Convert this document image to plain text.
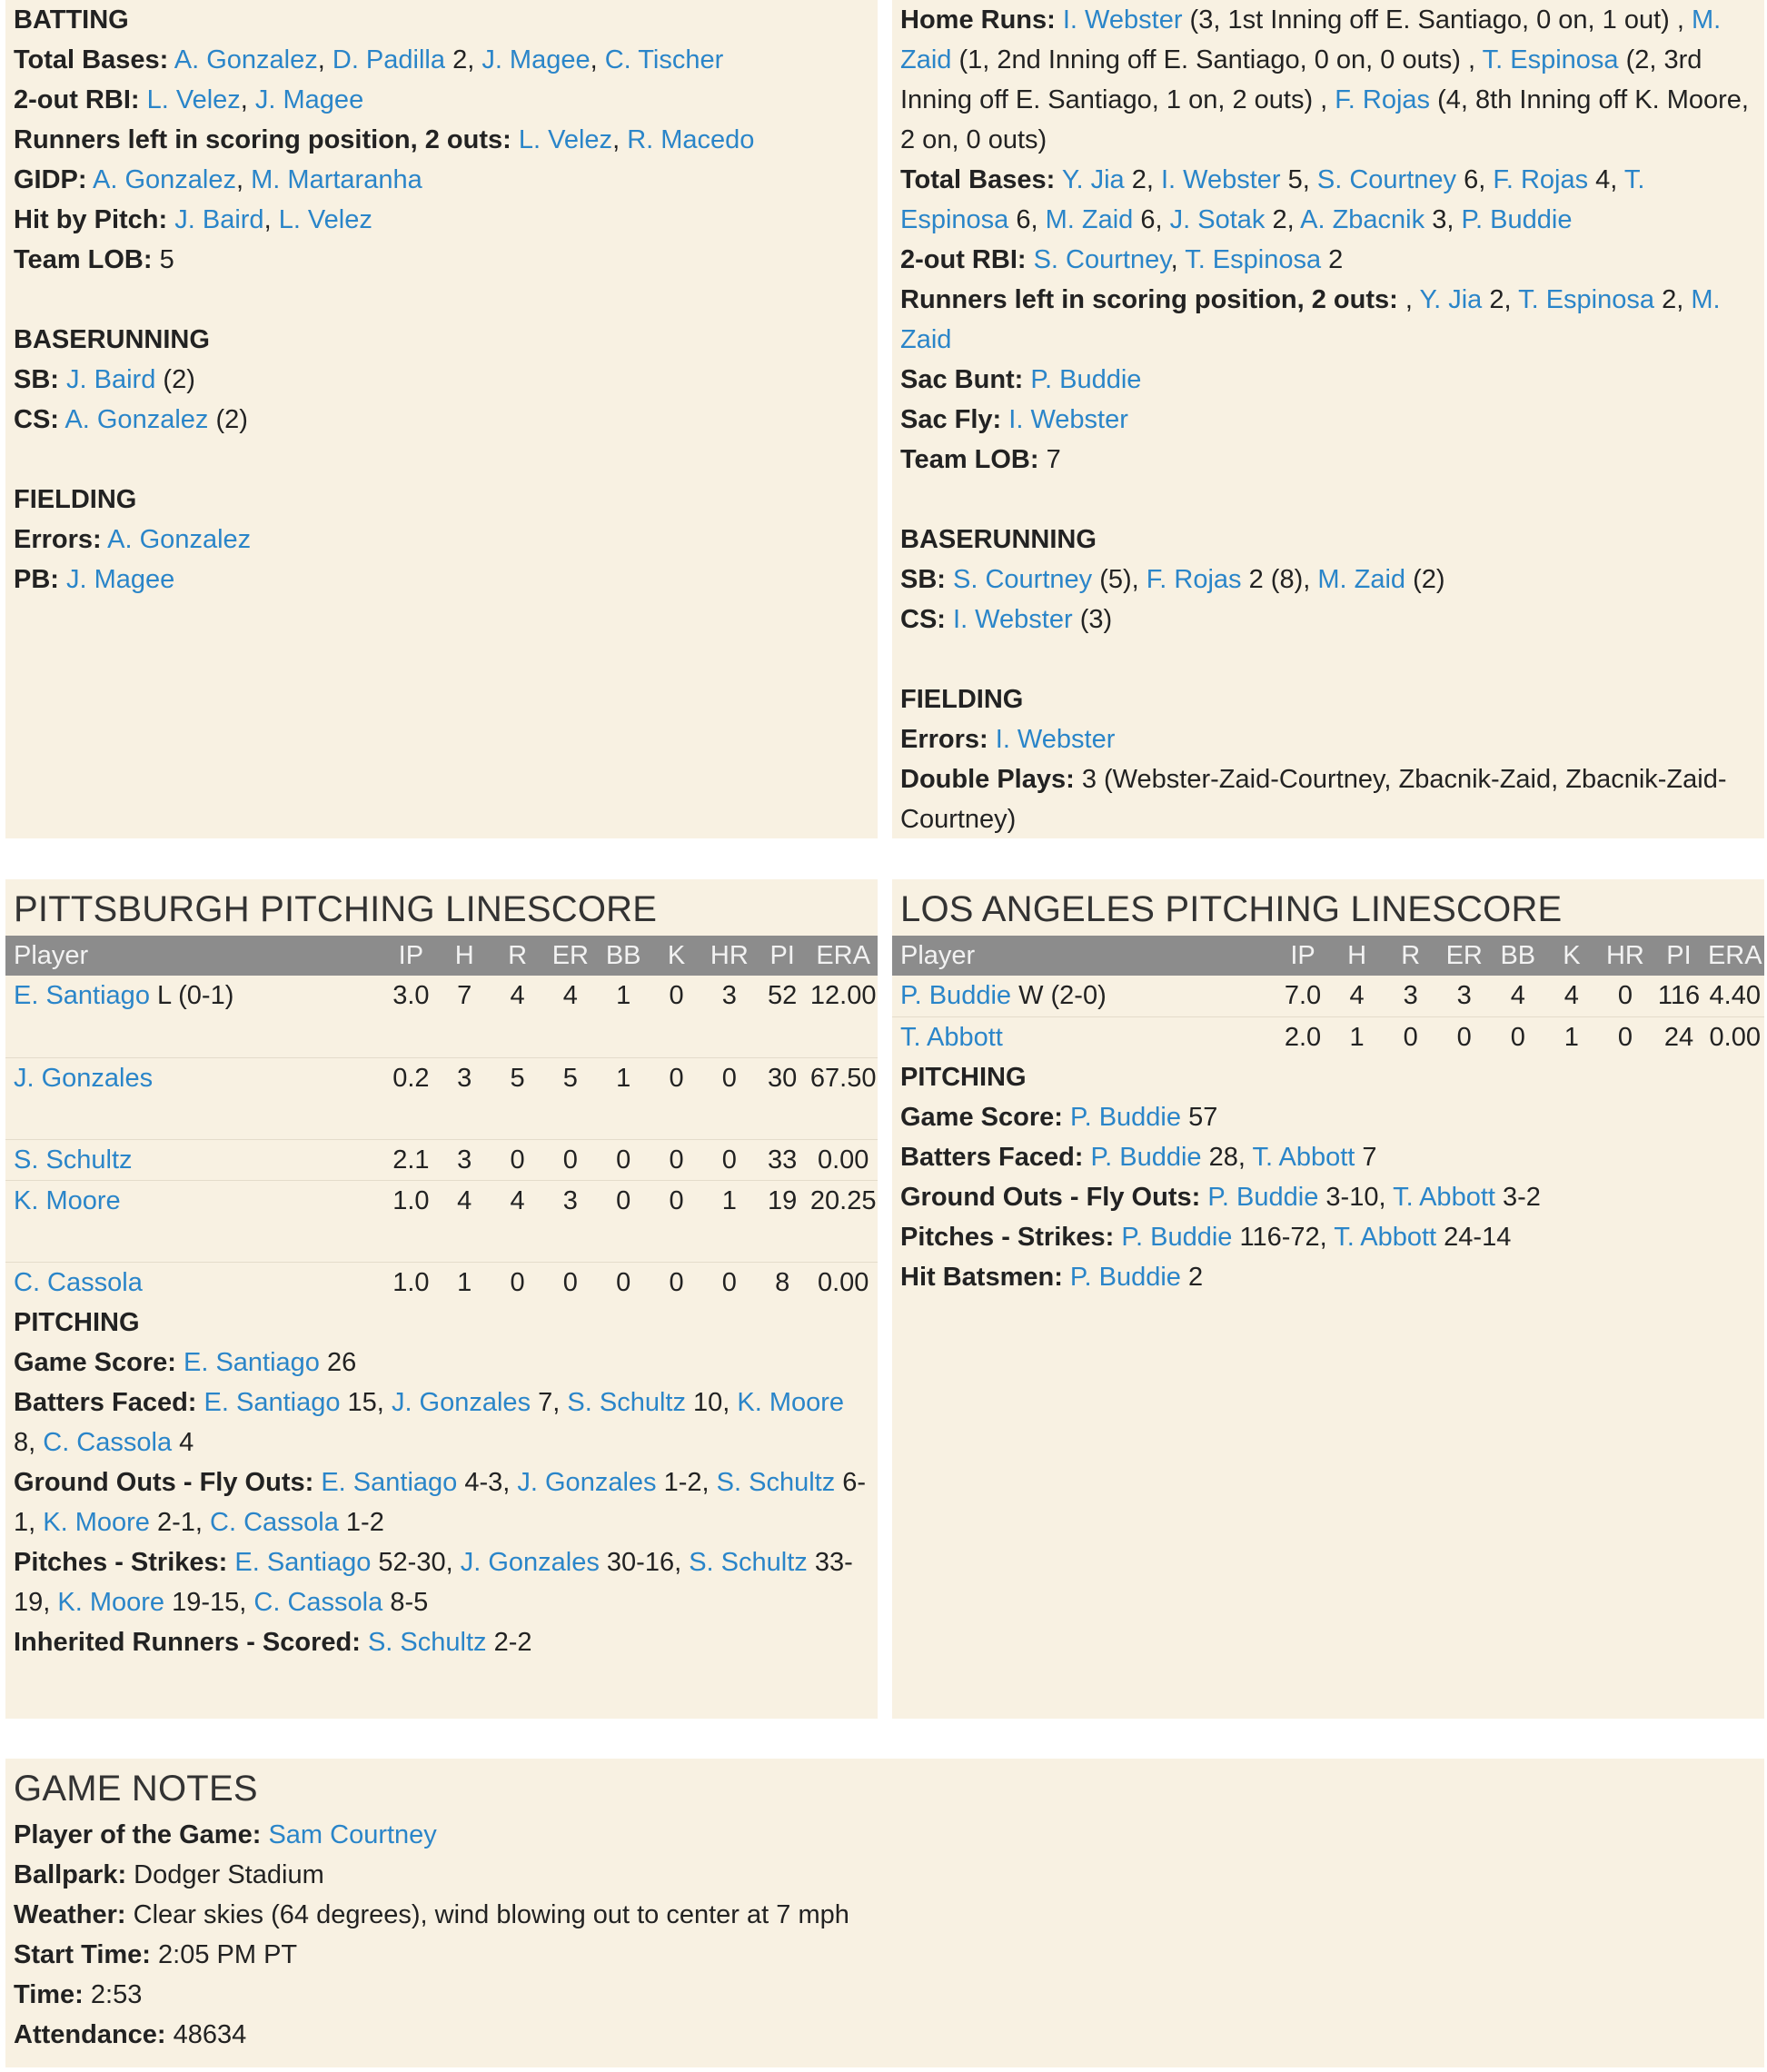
BATTING
Total Bases: A. Gonzalez, D. Padilla 2, J. Magee, C. Tischer
2-out RBI: L. Velez, J. Magee
Runners left in scoring position, 2 outs: L. Velez, R. Macedo
GIDP: A. Gonzalez, M. Martaranha
Hit by Pitch: J. Baird, L. Velez
Team LOB: 5
BASERUNNING
SB: J. Baird (2)
CS: A. Gonzalez (2)
FIELDING
Errors: A. Gonzalez
PB: J. Magee
Home Runs: I. Webster (3, 1st Inning off E. Santiago, 0 on, 1 out) , M. Zaid (1, 2nd Inning off E. Santiago, 0 on, 0 outs) , T. Espinosa (2, 3rd Inning off E. Santiago, 1 on, 2 outs) , F. Rojas (4, 8th Inning off K. Moore, 2 on, 0 outs)
Total Bases: Y. Jia 2, I. Webster 5, S. Courtney 6, F. Rojas 4, T. Espinosa 6, M. Zaid 6, J. Sotak 2, A. Zbacnik 3, P. Buddie
2-out RBI: S. Courtney, T. Espinosa 2
Runners left in scoring position, 2 outs: , Y. Jia 2, T. Espinosa 2, M. Zaid
Sac Bunt: P. Buddie
Sac Fly: I. Webster
Team LOB: 7
BASERUNNING
SB: S. Courtney (5), F. Rojas 2 (8), M. Zaid (2)
CS: I. Webster (3)
FIELDING
Errors: I. Webster
Double Plays: 3 (Webster-Zaid-Courtney, Zbacnik-Zaid, Zbacnik-Zaid-Courtney)
PITTSBURGH PITCHING LINESCORE
Player	IP	H	R	ER	BB	K	HR	PI	ERA
E. Santiago L (0-1)	3.0	7	4	4	1	0	3	52	12.00
J. Gonzales	0.2	3	5	5	1	0	0	30	67.50
S. Schultz	2.1	3	0	0	0	0	0	33	0.00
K. Moore	1.0	4	4	3	0	0	1	19	20.25
C. Cassola	1.0	1	0	0	0	0	0	8	0.00
PITCHING
Game Score: E. Santiago 26
Batters Faced: E. Santiago 15, J. Gonzales 7, S. Schultz 10, K. Moore 8, C. Cassola 4
Ground Outs - Fly Outs: E. Santiago 4-3, J. Gonzales 1-2, S. Schultz 6-1, K. Moore 2-1, C. Cassola 1-2
Pitches - Strikes: E. Santiago 52-30, J. Gonzales 30-16, S. Schultz 33-19, K. Moore 19-15, C. Cassola 8-5
Inherited Runners - Scored: S. Schultz 2-2
LOS ANGELES PITCHING LINESCORE
Player	IP	H	R	ER	BB	K	HR	PI	ERA
P. Buddie W (2-0)	7.0	4	3	3	4	4	0	116	4.40
T. Abbott	2.0	1	0	0	0	1	0	24	0.00
PITCHING
Game Score: P. Buddie 57
Batters Faced: P. Buddie 28, T. Abbott 7
Ground Outs - Fly Outs: P. Buddie 3-10, T. Abbott 3-2
Pitches - Strikes: P. Buddie 116-72, T. Abbott 24-14
Hit Batsmen: P. Buddie 2
GAME NOTES
Player of the Game: Sam Courtney
Ballpark: Dodger Stadium
Weather: Clear skies (64 degrees), wind blowing out to center at 7 mph
Start Time: 2:05 PM PT
Time: 2:53
Attendance: 48634
